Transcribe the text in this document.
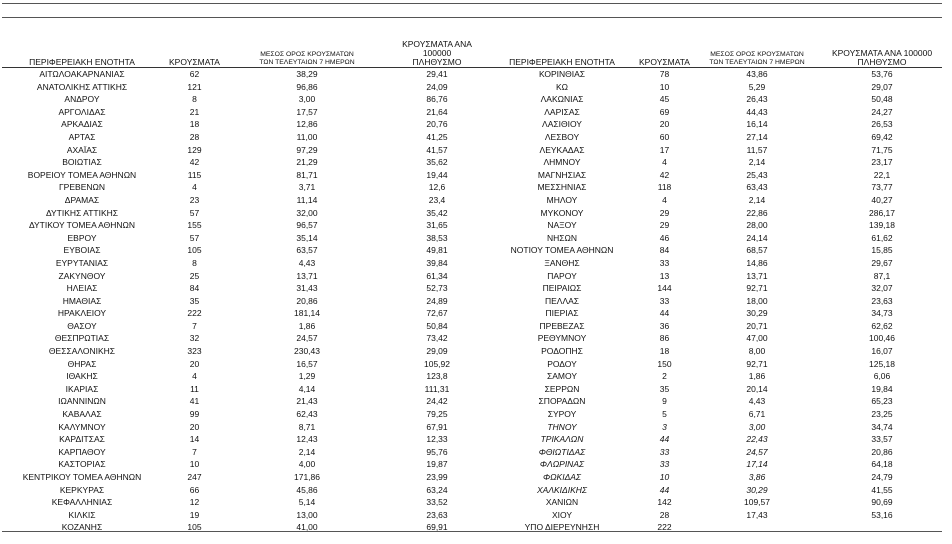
ΠΕΡΙΦΕΡΕΙΑΚΗ ΕΝΟΤΗΤΑ	ΚΡΟΥΣΜΑΤΑ	ΜΕΣΟΣ ΟΡΟΣ ΚΡΟΥΣΜΑΤΩΝ
ΤΩΝ ΤΕΛΕΥΤΑΙΩΝ 7 ΗΜΕΡΩΝ	ΚΡΟΥΣΜΑΤΑ ΑΝΑ 100000
ΠΛΗΘΥΣΜΟ	ΠΕΡΙΦΕΡΕΙΑΚΗ ΕΝΟΤΗΤΑ	ΚΡΟΥΣΜΑΤΑ	ΜΕΣΟΣ ΟΡΟΣ ΚΡΟΥΣΜΑΤΩΝ
ΤΩΝ ΤΕΛΕΥΤΑΙΩΝ 7 ΗΜΕΡΩΝ	ΚΡΟΥΣΜΑΤΑ ΑΝΑ 100000
ΠΛΗΘΥΣΜΟ
ΑΙΤΩΛΟΑΚΑΡΝΑΝΙΑΣ	62	38,29	29,41	ΚΟΡΙΝΘΙΑΣ	78	43,86	53,76
ΑΝΑΤΟΛΙΚΗΣ ΑΤΤΙΚΗΣ	121	96,86	24,09	ΚΩ	10	5,29	29,07
ΑΝΔΡΟΥ	8	3,00	86,76	ΛΑΚΩΝΙΑΣ	45	26,43	50,48
ΑΡΓΟΛΙΔΑΣ	21	17,57	21,64	ΛΑΡΙΣΑΣ	69	44,43	24,27
ΑΡΚΑΔΙΑΣ	18	12,86	20,76	ΛΑΣΙΘΙΟΥ	20	16,14	26,53
ΑΡΤΑΣ	28	11,00	41,25	ΛΕΣΒΟΥ	60	27,14	69,42
ΑΧΑΪΑΣ	129	97,29	41,57	ΛΕΥΚΑΔΑΣ	17	11,57	71,75
ΒΟΙΩΤΙΑΣ	42	21,29	35,62	ΛΗΜΝΟΥ	4	2,14	23,17
ΒΟΡΕΙΟΥ ΤΟΜΕΑ ΑΘΗΝΩΝ	115	81,71	19,44	ΜΑΓΝΗΣΙΑΣ	42	25,43	22,1
ΓΡΕΒΕΝΩΝ	4	3,71	12,6	ΜΕΣΣΗΝΙΑΣ	118	63,43	73,77
ΔΡΑΜΑΣ	23	11,14	23,4	ΜΗΛΟΥ	4	2,14	40,27
ΔΥΤΙΚΗΣ ΑΤΤΙΚΗΣ	57	32,00	35,42	ΜΥΚΟΝΟΥ	29	22,86	286,17
ΔΥΤΙΚΟΥ ΤΟΜΕΑ ΑΘΗΝΩΝ	155	96,57	31,65	ΝΑΞΟΥ	29	28,00	139,18
ΕΒΡΟΥ	57	35,14	38,53	ΝΗΣΩΝ	46	24,14	61,62
ΕΥΒΟΙΑΣ	105	63,57	49,81	ΝΟΤΙΟΥ ΤΟΜΕΑ ΑΘΗΝΩΝ	84	68,57	15,85
ΕΥΡΥΤΑΝΙΑΣ	8	4,43	39,84	ΞΑΝΘΗΣ	33	14,86	29,67
ΖΑΚΥΝΘΟΥ	25	13,71	61,34	ΠΑΡΟΥ	13	13,71	87,1
ΗΛΕΙΑΣ	84	31,43	52,73	ΠΕΙΡΑΙΩΣ	144	92,71	32,07
ΗΜΑΘΙΑΣ	35	20,86	24,89	ΠΕΛΛΑΣ	33	18,00	23,63
ΗΡΑΚΛΕΙΟΥ	222	181,14	72,67	ΠΙΕΡΙΑΣ	44	30,29	34,73
ΘΑΣΟΥ	7	1,86	50,84	ΠΡΕΒΕΖΑΣ	36	20,71	62,62
ΘΕΣΠΡΩΤΙΑΣ	32	24,57	73,42	ΡΕΘΥΜΝΟΥ	86	47,00	100,46
ΘΕΣΣΑΛΟΝΙΚΗΣ	323	230,43	29,09	ΡΟΔΟΠΗΣ	18	8,00	16,07
ΘΗΡΑΣ	20	16,57	105,92	ΡΟΔΟΥ	150	92,71	125,18
ΙΘΑΚΗΣ	4	1,29	123,8	ΣΑΜΟΥ	2	1,86	6,06
ΙΚΑΡΙΑΣ	11	4,14	111,31	ΣΕΡΡΩΝ	35	20,14	19,84
ΙΩΑΝΝΙΝΩΝ	41	21,43	24,42	ΣΠΟΡΑΔΩΝ	9	4,43	65,23
ΚΑΒΑΛΑΣ	99	62,43	79,25	ΣΥΡΟΥ	5	6,71	23,25
ΚΑΛΥΜΝΟΥ	20	8,71	67,91	ΤΗΝΟΥ	3	3,00	34,74
ΚΑΡΔΙΤΣΑΣ	14	12,43	12,33	ΤΡΙΚΑΛΩΝ	44	22,43	33,57
ΚΑΡΠΑΘΟΥ	7	2,14	95,76	ΦΘΙΩΤΙΔΑΣ	33	24,57	20,86
ΚΑΣΤΟΡΙΑΣ	10	4,00	19,87	ΦΛΩΡΙΝΑΣ	33	17,14	64,18
ΚΕΝΤΡΙΚΟΥ ΤΟΜΕΑ ΑΘΗΝΩΝ	247	171,86	23,99	ΦΩΚΙΔΑΣ	10	3,86	24,79
ΚΕΡΚΥΡΑΣ	66	45,86	63,24	ΧΑΛΚΙΔΙΚΗΣ	44	30,29	41,55
ΚΕΦΑΛΛΗΝΙΑΣ	12	5,14	33,52	ΧΑΝΙΩΝ	142	109,57	90,69
ΚΙΛΚΙΣ	19	13,00	23,63	ΧΙΟΥ	28	17,43	53,16
ΚΟΖΑΝΗΣ	105	41,00	69,91	ΥΠΟ ΔΙΕΡΕΥΝΗΣΗ	222		
